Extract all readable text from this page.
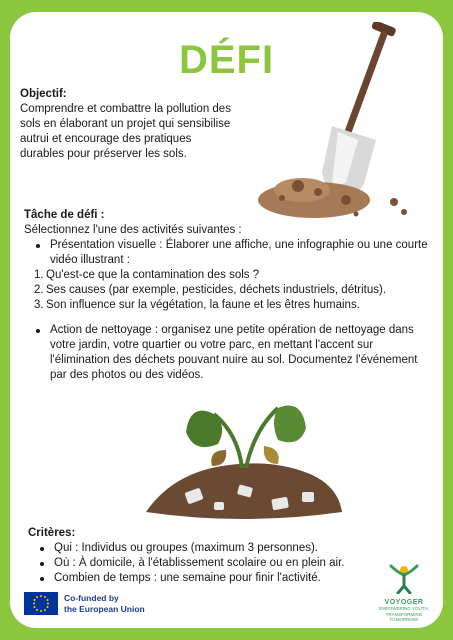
DÉFI
Objectif:
Comprendre et combattre la pollution des sols en élaborant un projet qui sensibilise autrui et encourage des pratiques durables pour préserver les sols.
Tâche de défi :
Sélectionnez l'une des activités suivantes :
Présentation visuelle : Élaborer une affiche, une infographie ou une courte vidéo illustrant :
1. Qu'est-ce que la contamination des sols ?
2. Ses causes (par exemple, pesticides, déchets industriels, détritus).
3. Son influence sur la végétation, la faune et les êtres humains.
Action de nettoyage : organisez une petite opération de nettoyage dans votre jardin, votre quartier ou votre parc, en mettant l'accent sur l'élimination des déchets pouvant nuire au sol. Documentez l'événement par des photos ou des vidéos.
Critères:
Qui : Individus ou groupes (maximum 3 personnes).
Où : À domicile, à l'établissement scolaire ou en plein air.
Combien de temps : une semaine pour finir l'activité.
Co-funded by
the European Union
VOYOGER
EMPOWERING YOUTH,
TRANSFORMING
TOMORROW!
